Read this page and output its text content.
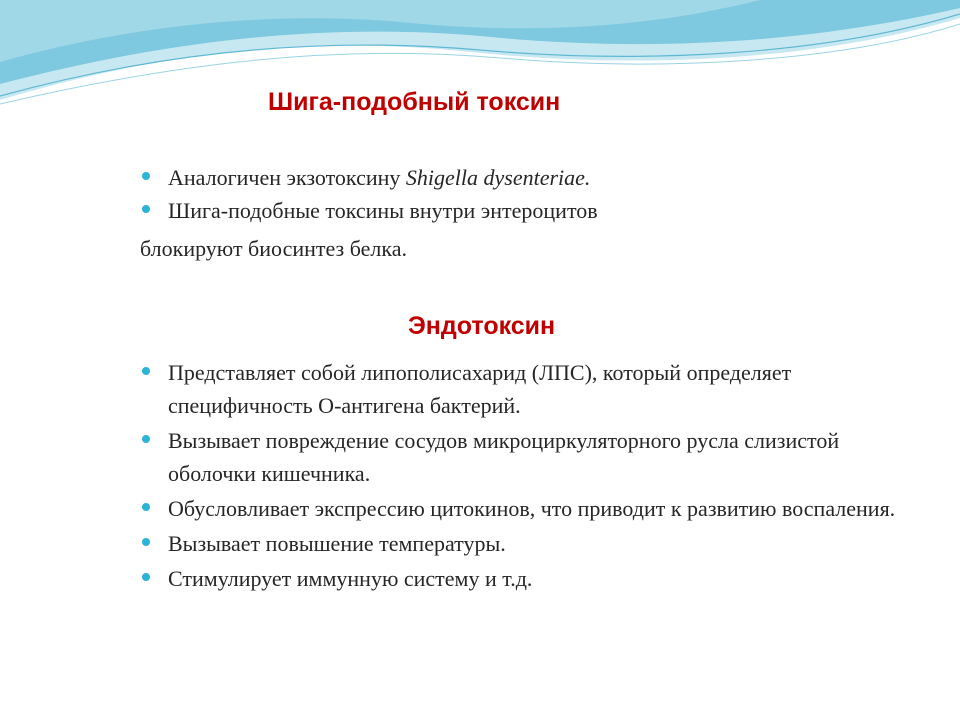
Шига-подобный токсин
Аналогичен экзотоксину Shigella dysenteriae.
Шига-подобные токсины внутри энтероцитов

блокируют биосинтез белка.

Эндотоксин
Представляет собой липополисахарид (ЛПС), который определяет специфичность О-антигена бактерий.
Вызывает повреждение сосудов микроциркуляторного русла слизистой оболочки кишечника.
Обусловливает экспрессию цитокинов, что приводит к развитию воспаления.
Вызывает повышение температуры.
Стимулирует иммунную систему и т.д.
